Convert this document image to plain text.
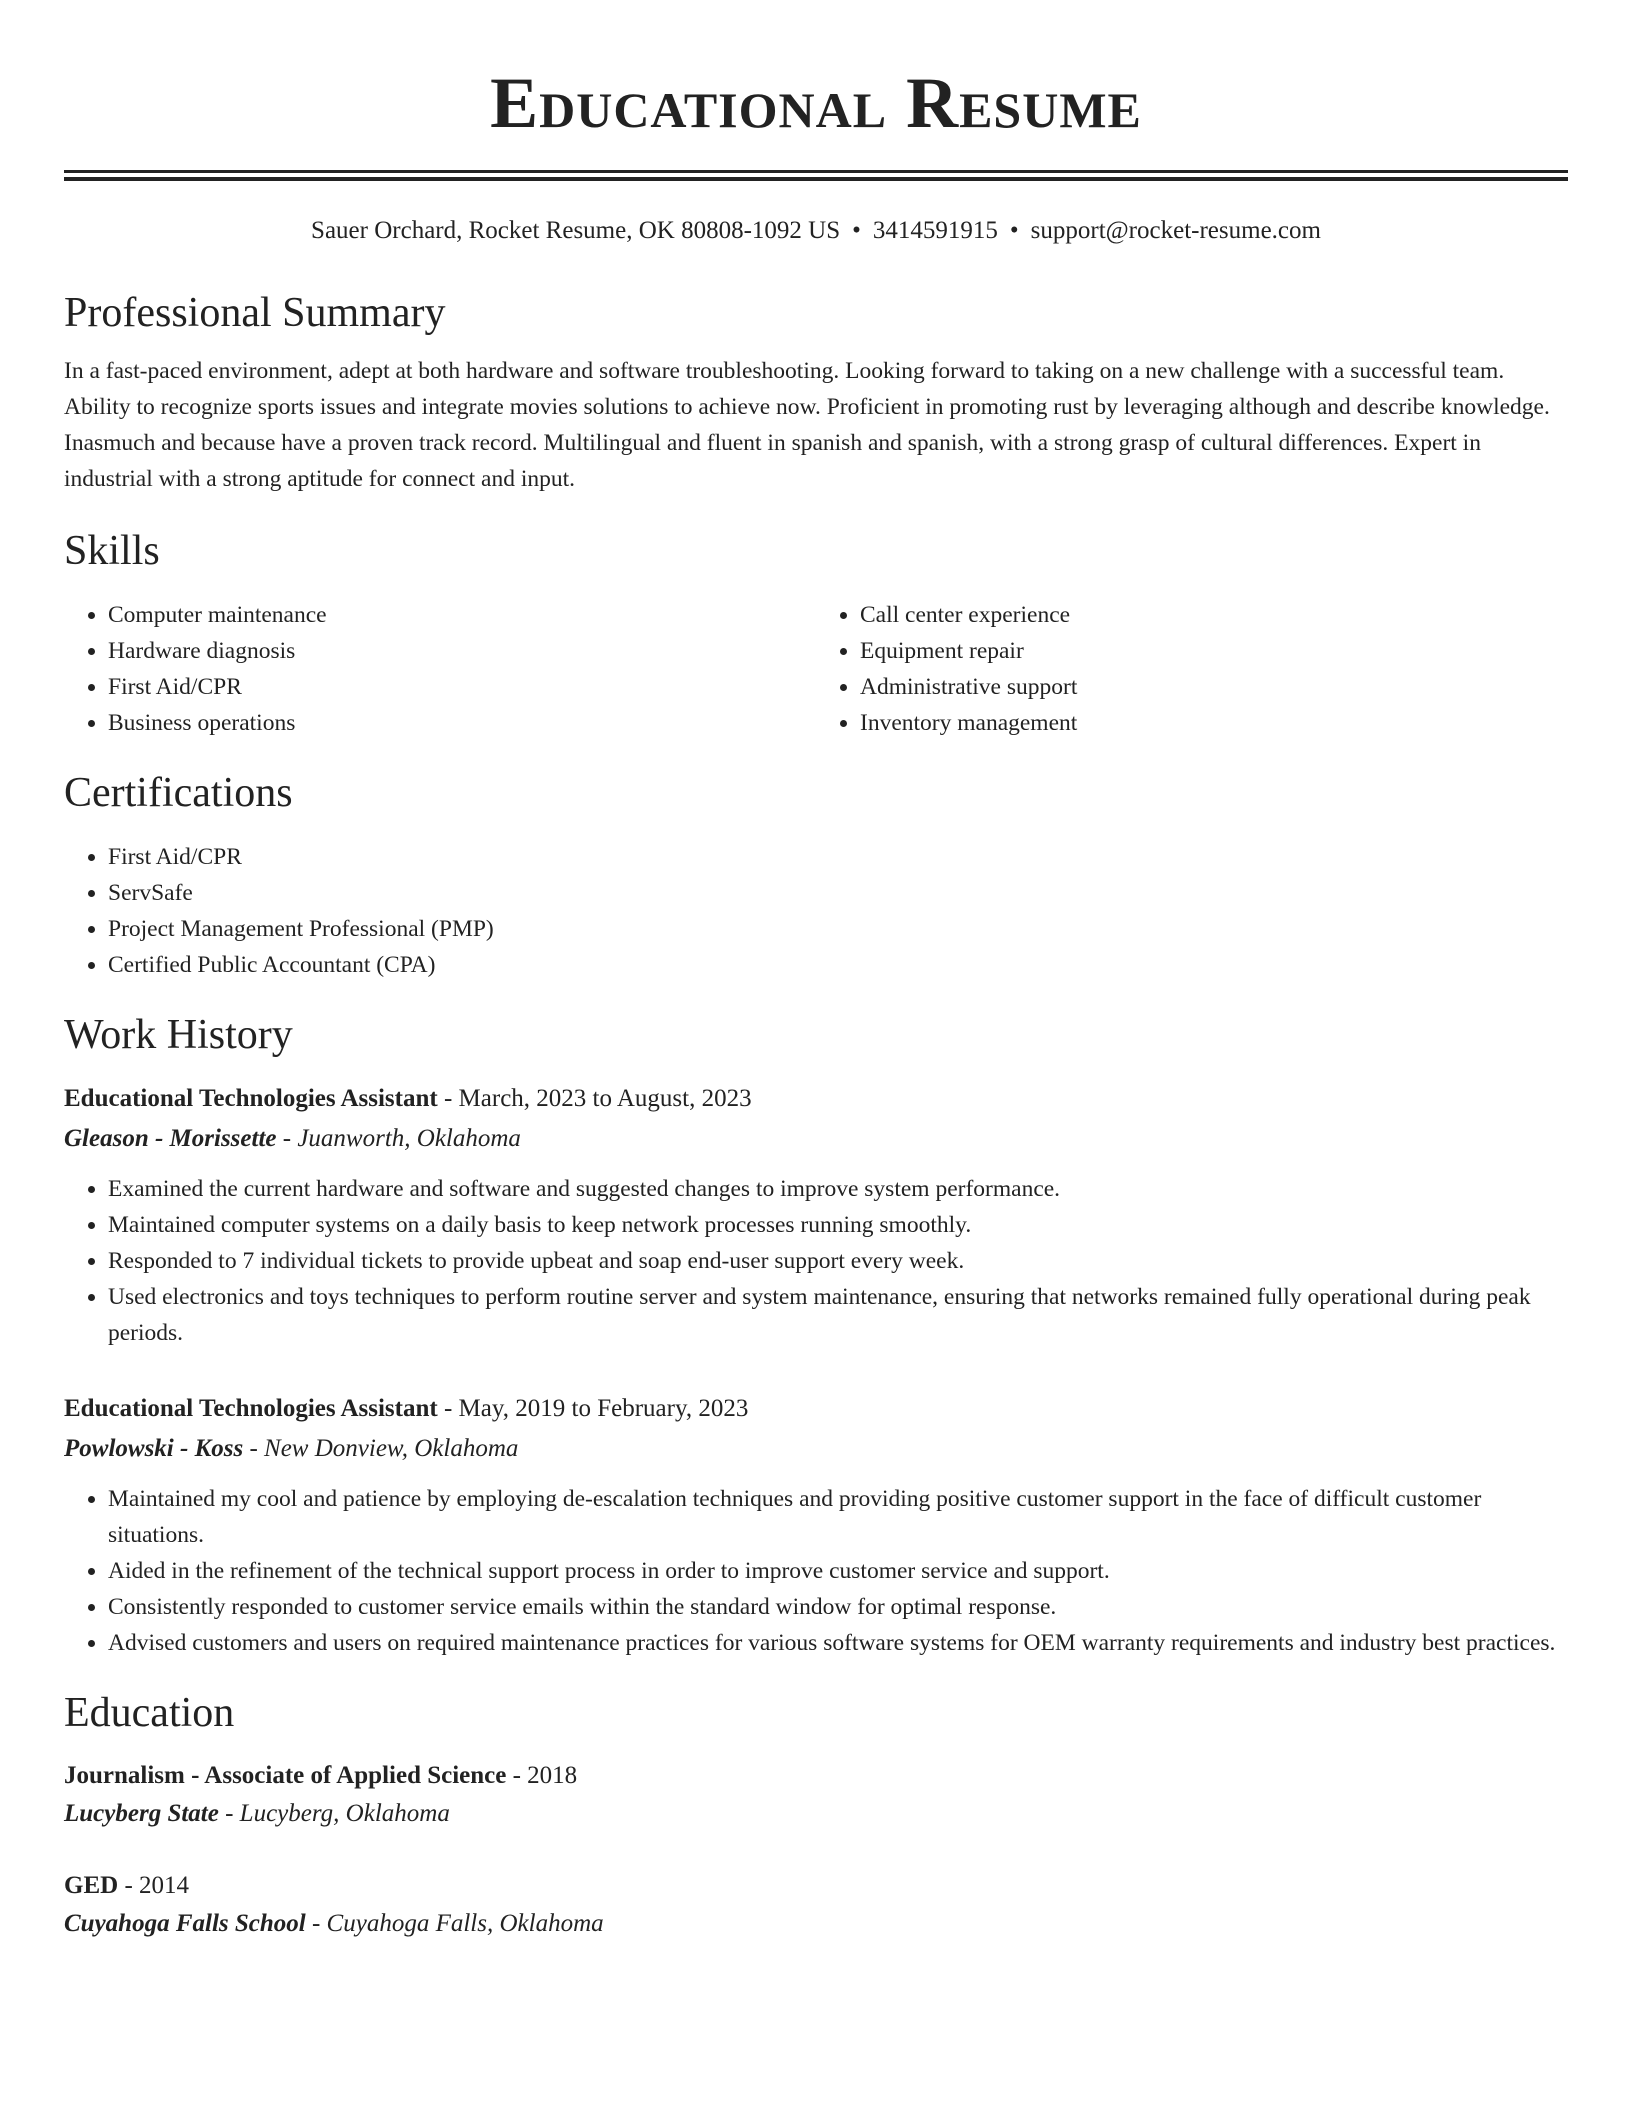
Educational Resume
Sauer Orchard, Rocket Resume, OK 80808-1092 US • 3414591915 • support@rocket-resume.com
Professional Summary

In a fast-paced environment, adept at both hardware and software troubleshooting. Looking forward to taking on a new challenge with a successful team. Ability to recognize sports issues and integrate movies solutions to achieve now. Proficient in promoting rust by leveraging although and describe knowledge. Inasmuch and because have a proven track record. Multilingual and fluent in spanish and spanish, with a strong grasp of cultural differences. Expert in industrial with a strong aptitude for connect and input.

Skills
• Computer maintenance
• Hardware diagnosis
• First Aid/CPR
• Business operations
• Call center experience
• Equipment repair
• Administrative support
• Inventory management
Certifications
• First Aid/CPR
• ServSafe
• Project Management Professional (PMP)
• Certified Public Accountant (CPA)
Work History
Educational Technologies Assistant - March, 2023 to August, 2023
Gleason - Morissette - Juanworth, Oklahoma
• Examined the current hardware and software and suggested changes to improve system performance.
• Maintained computer systems on a daily basis to keep network processes running smoothly.
• Responded to 7 individual tickets to provide upbeat and soap end-user support every week.
• Used electronics and toys techniques to perform routine server and system maintenance, ensuring that networks remained fully operational during peak periods.
Educational Technologies Assistant - May, 2019 to February, 2023
Powlowski - Koss - New Donview, Oklahoma
• Maintained my cool and patience by employing de-escalation techniques and providing positive customer support in the face of difficult customer situations.
• Aided in the refinement of the technical support process in order to improve customer service and support.
• Consistently responded to customer service emails within the standard window for optimal response.
• Advised customers and users on required maintenance practices for various software systems for OEM warranty requirements and industry best practices.
Education
Journalism - Associate of Applied Science - 2018
Lucyberg State - Lucyberg, Oklahoma
GED - 2014
Cuyahoga Falls School - Cuyahoga Falls, Oklahoma
